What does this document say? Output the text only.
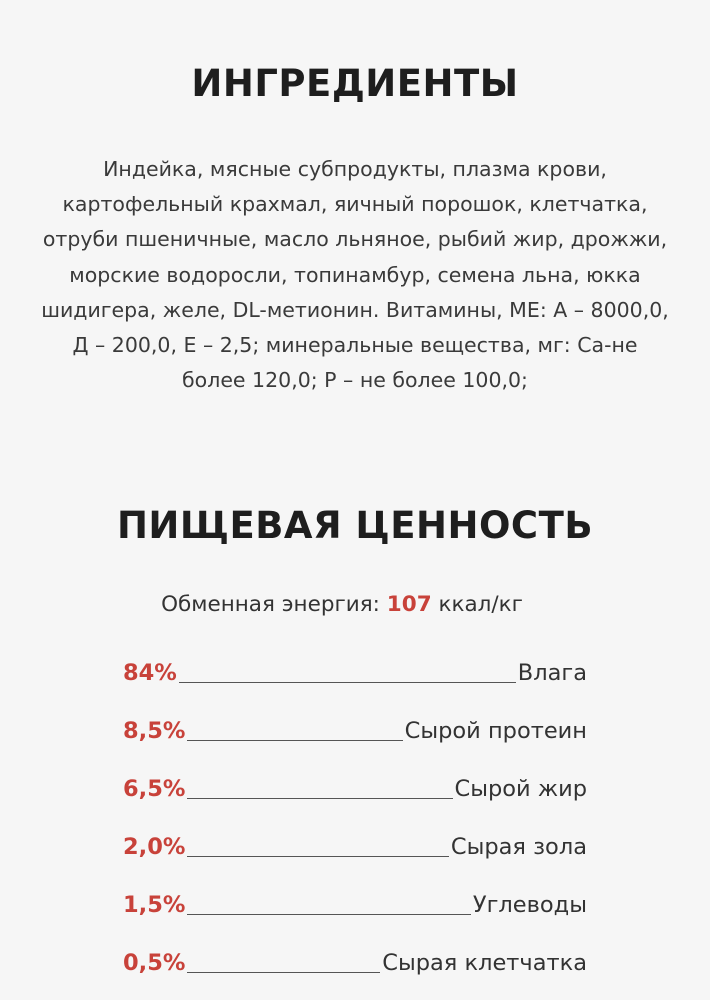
ИНГРЕДИЕНТЫ

Индейка, мясные субпродукты, плазма крови,
картофельный крахмал, яичный порошок, клетчатка,
отруби пшеничные, масло льняное, рыбий жир, дрожжи,
морские водоросли, топинамбур, семена льна, юкка
шидигера, желе, DL-метионин. Витамины, МЕ: А – 8000,0,
Д – 200,0, Е – 2,5; минеральные вещества, мг: Са-не
более 120,0; Р – не более 100,0;

ПИЩЕВАЯ ЦЕННОСТЬ

Обменная энергия: 107 ккал/кг

84%	Влага
8,5%	Сырой протеин
6,5%	Сырой жир
2,0%	Сырая зола
1,5%	Углеводы
0,5%	Сырая клетчатка
